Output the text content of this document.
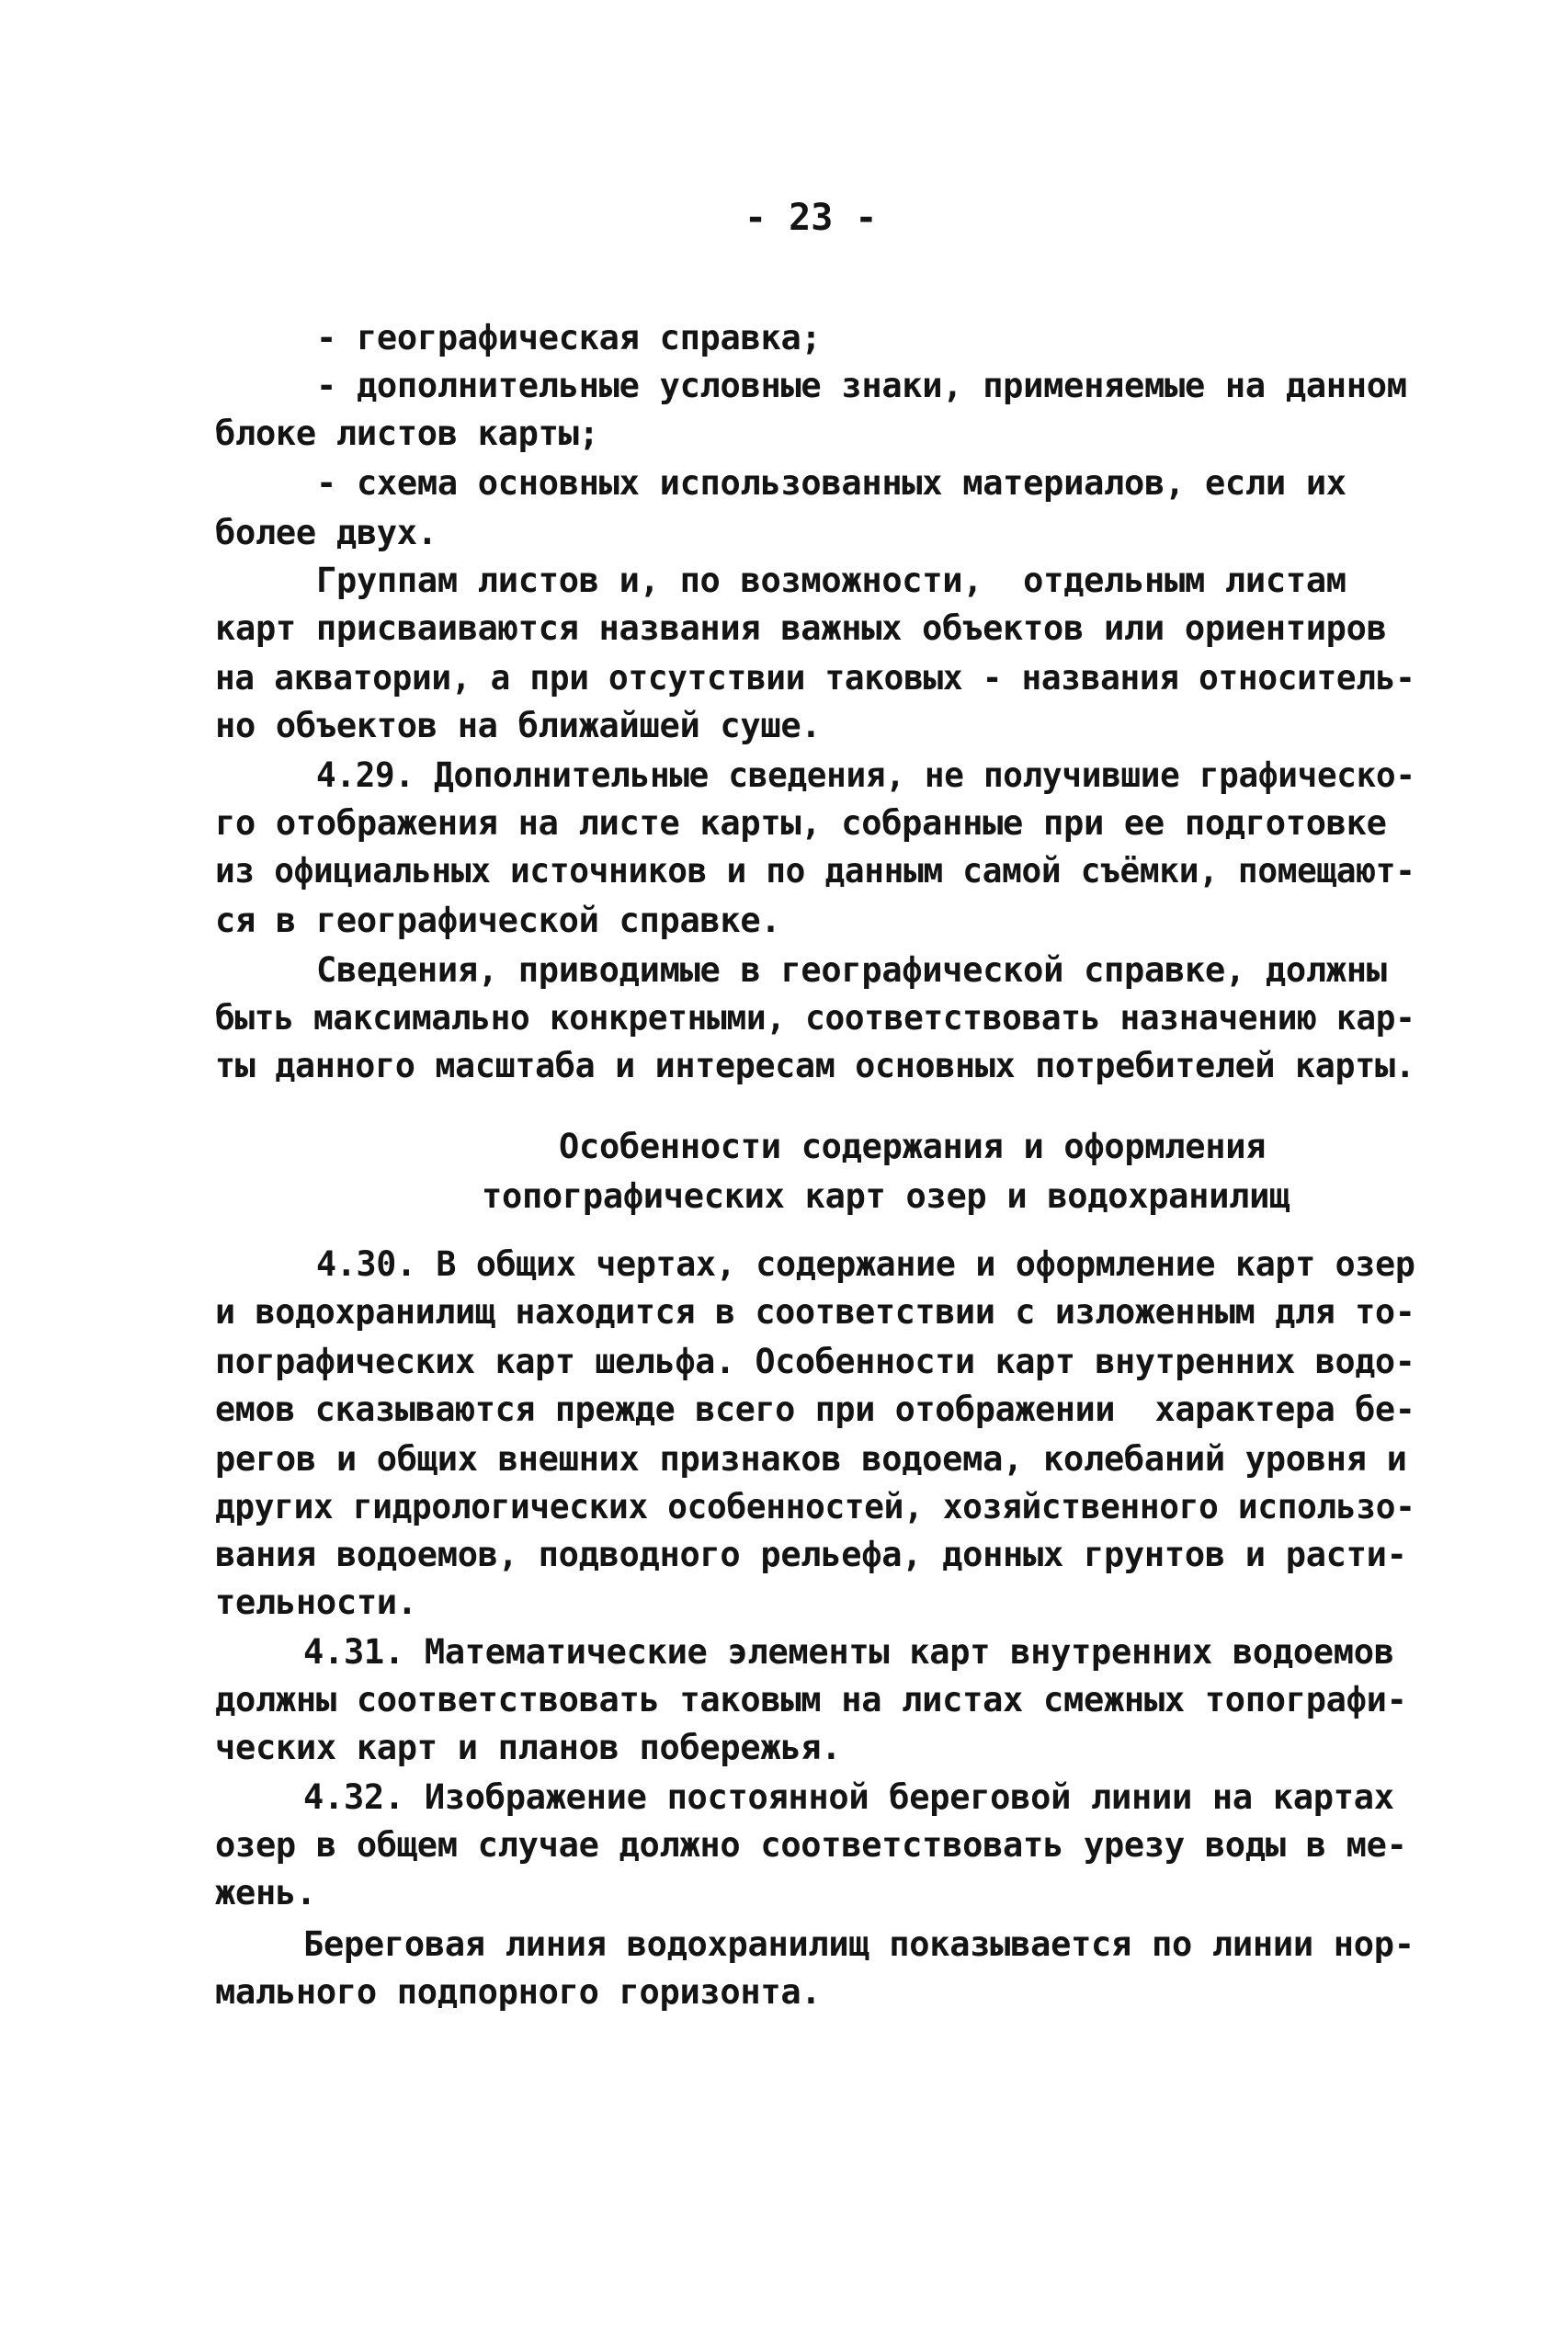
- 23 -
- географическая справка;
- дополнительные условные знаки, применяемые на данном
блоке листов карты;
- схема основных использованных материалов, если их
более двух.
Группам листов и, по возможности,  отдельным листам
карт присваиваются названия важных объектов или ориентиров
на акватории, а при отсутствии таковых - названия относитель-
но объектов на ближайшей суше.
4.29. Дополнительные сведения, не получившие графическо-
го отображения на листе карты, собранные при ее подготовке
из официальных источников и по данным самой съёмки, помещают-
ся в географической справке.
Сведения, приводимые в географической справке, должны
быть максимально конкретными, соответствовать назначению кар-
ты данного масштаба и интересам основных потребителей карты.
Особенности содержания и оформления
топографических карт озер и водохранилищ
4.30. В общих чертах, содержание и оформление карт озер
и водохранилищ находится в соответствии с изложенным для то-
пографических карт шельфа. Особенности карт внутренних водо-
емов сказываются прежде всего при отображении  характера бе-
регов и общих внешних признаков водоема, колебаний уровня и
других гидрологических особенностей, хозяйственного использо-
вания водоемов, подводного рельефа, донных грунтов и расти-
тельности.
4.31. Математические элементы карт внутренних водоемов
должны соответствовать таковым на листах смежных топографи-
ческих карт и планов побережья.
4.32. Изображение постоянной береговой линии на картах
озер в общем случае должно соответствовать урезу воды в ме-
жень.
Береговая линия водохранилищ показывается по линии нор-
мального подпорного горизонта.
